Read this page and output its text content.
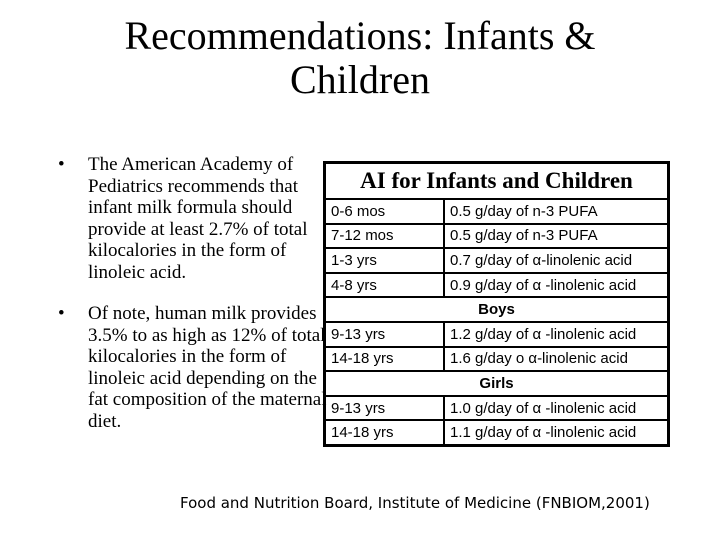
Recommendations: Infants &
Children
• The American Academy of Pediatrics recommends that infant milk formula should provide at least 2.7% of total kilocalories in the form of linoleic acid.
• Of note, human milk provides 3.5% to as high as 12% of total kilocalories in the form of linoleic acid depending on the fat composition of the maternal diet.
AI for Infants and Children	
0-6 mos	0.5 g/day of n-3 PUFA
7-12 mos	0.5 g/day of n-3 PUFA
1-3 yrs	0.7 g/day of α-linolenic acid
4-8 yrs	0.9 g/day of α -linolenic acid
Boys	
9-13 yrs	1.2 g/day of α -linolenic acid
14-18 yrs	1.6 g/day o α-linolenic acid
Girls	
9-13 yrs	1.0 g/day of α -linolenic acid
14-18 yrs	1.1 g/day of α -linolenic acid
Food and Nutrition Board, Institute of Medicine (FNBIOM,2001)
